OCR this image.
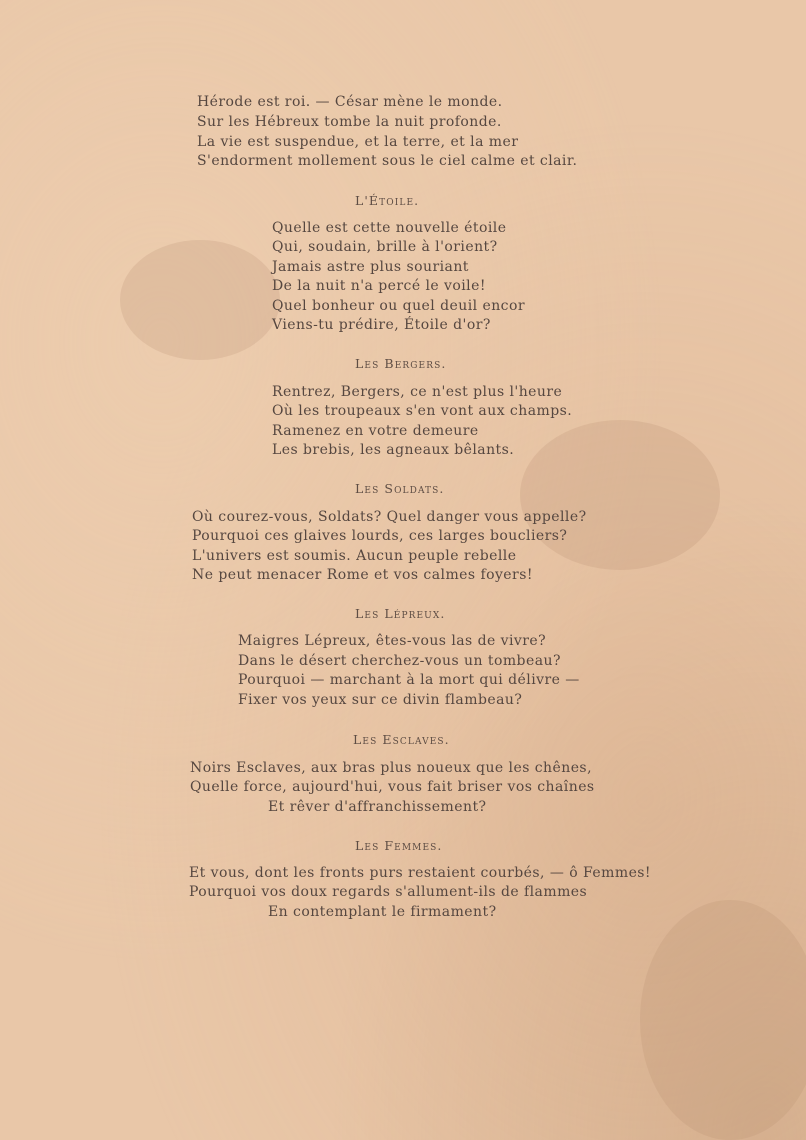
Hérode est roi. — César mène le monde.
Sur les Hébreux tombe la nuit profonde.
La vie est suspendue, et la terre, et la mer
S'endorment mollement sous le ciel calme et clair.
L'Étoile.
Quelle est cette nouvelle étoile
Qui, soudain, brille à l'orient?
Jamais astre plus souriant
De la nuit n'a percé le voile!
Quel bonheur ou quel deuil encor
Viens-tu prédire, Étoile d'or?
Les Bergers.
Rentrez, Bergers, ce n'est plus l'heure
Où les troupeaux s'en vont aux champs.
Ramenez en votre demeure
Les brebis, les agneaux bêlants.
Les Soldats.
Où courez-vous, Soldats? Quel danger vous appelle?
Pourquoi ces glaives lourds, ces larges boucliers?
L'univers est soumis. Aucun peuple rebelle
Ne peut menacer Rome et vos calmes foyers!
Les Lépreux.
Maigres Lépreux, êtes-vous las de vivre?
Dans le désert cherchez-vous un tombeau?
Pourquoi — marchant à la mort qui délivre —
Fixer vos yeux sur ce divin flambeau?
Les Esclaves.
Noirs Esclaves, aux bras plus noueux que les chênes,
Quelle force, aujourd'hui, vous fait briser vos chaînes
Et rêver d'affranchissement?
Les Femmes.
Et vous, dont les fronts purs restaient courbés, — ô Femmes!
Pourquoi vos doux regards s'allument-ils de flammes
En contemplant le firmament?
